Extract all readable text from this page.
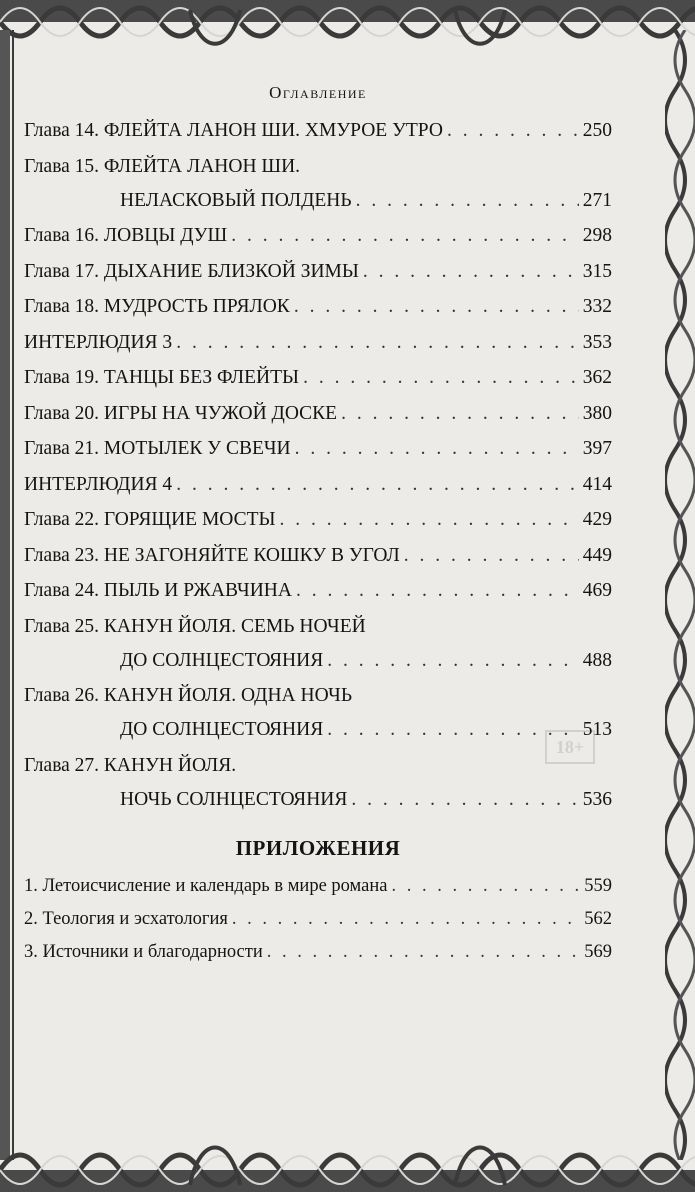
18+
Оглавление
Глава 14. ФЛЕЙТА ЛАНОН ШИ. ХМУРОЕ УТРО . . .	250
Глава 15. ФЛЕЙТА ЛАНОН ШИ.
НЕЛАСКОВЫЙ ПОЛДЕНЬ . . .	271
Глава 16. ЛОВЦЫ ДУШ . . .	298
Глава 17. ДЫХАНИЕ БЛИЗКОЙ ЗИМЫ . . .	315
Глава 18. МУДРОСТЬ ПРЯЛОК . . .	332
ИНТЕРЛЮДИЯ 3 . . .	353
Глава 19. ТАНЦЫ БЕЗ ФЛЕЙТЫ . . .	362
Глава 20. ИГРЫ НА ЧУЖОЙ ДОСКЕ . . .	380
Глава 21. МОТЫЛЕК У СВЕЧИ . . .	397
ИНТЕРЛЮДИЯ 4 . . .	414
Глава 22. ГОРЯЩИЕ МОСТЫ . . .	429
Глава 23. НЕ ЗАГОНЯЙТЕ КОШКУ В УГОЛ . . .	449
Глава 24. ПЫЛЬ И РЖАВЧИНА . . .	469
Глава 25. КАНУН ЙОЛЯ. СЕМЬ НОЧЕЙ
ДО СОЛНЦЕСТОЯНИЯ . . .	488
Глава 26. КАНУН ЙОЛЯ. ОДНА НОЧЬ
ДО СОЛНЦЕСТОЯНИЯ . . .	513
Глава 27. КАНУН ЙОЛЯ.
НОЧЬ СОЛНЦЕСТОЯНИЯ . . .	536
ПРИЛОЖЕНИЯ
1. Летоисчисление и календарь в мире романа . . .	559
2. Теология и эсхатология . . .	562
3. Источники и благодарности . . .	569
